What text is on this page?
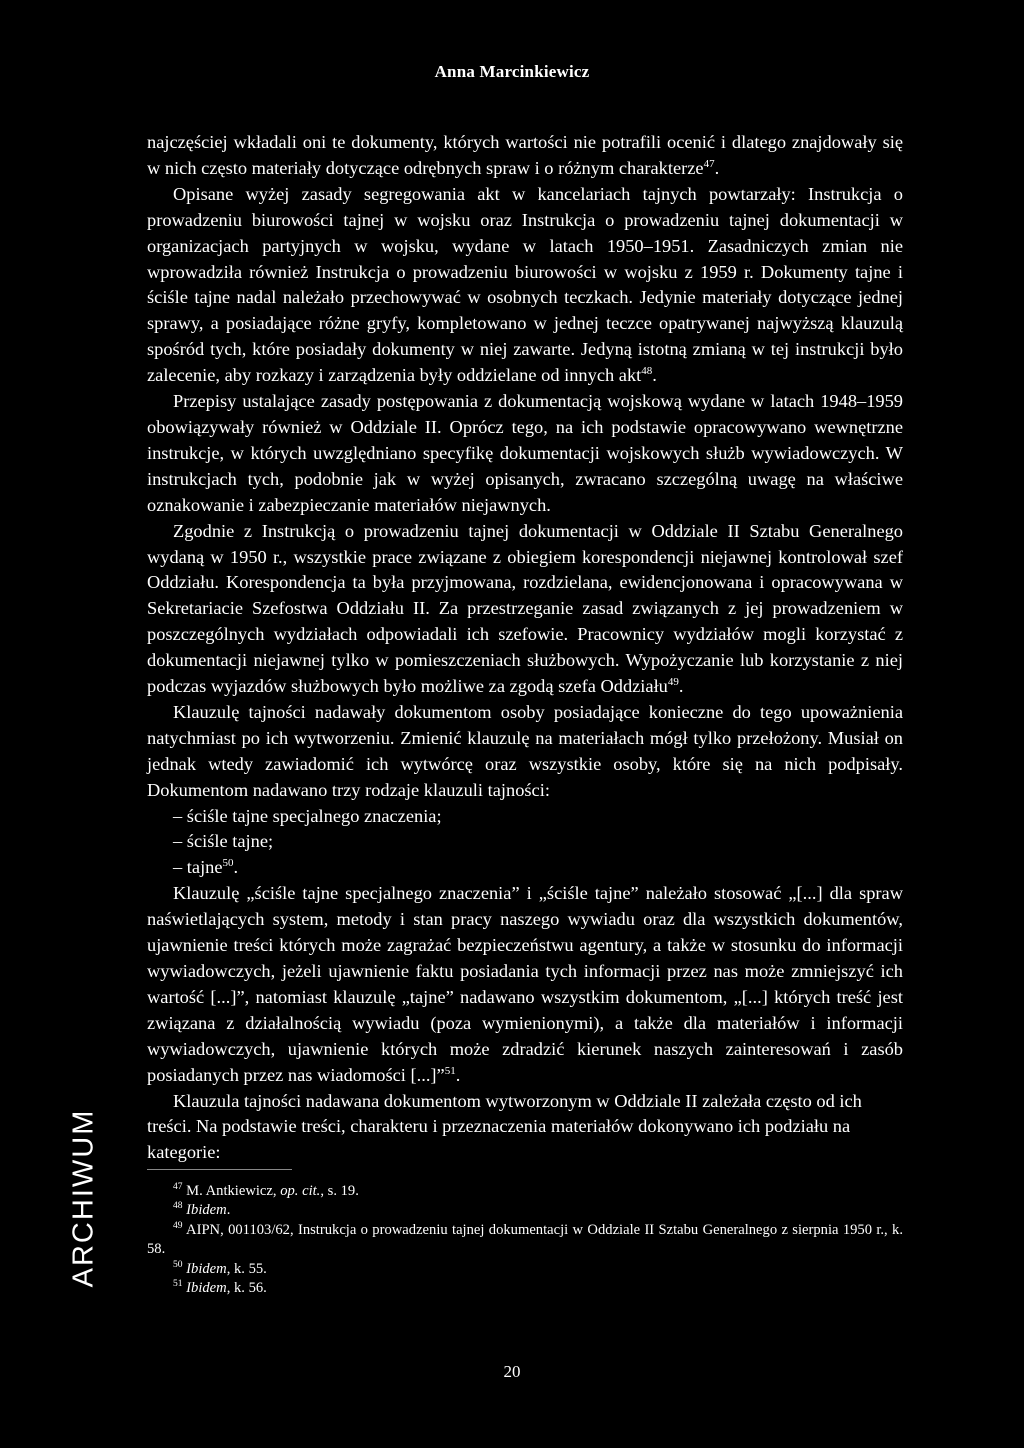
Anna Marcinkiewicz

najczęściej wkładali oni te dokumenty, których wartości nie potrafili ocenić i dlatego znajdowały się w nich często materiały dotyczące odrębnych spraw i o różnym charakterze$^{47}$.

Opisane wyżej zasady segregowania akt w kancelariach tajnych powtarzały: Instrukcja o prowadzeniu biurowości tajnej w wojsku oraz Instrukcja o prowadzeniu tajnej dokumentacji w organizacjach partyjnych w wojsku, wydane w latach 1950–1951. Zasadniczych zmian nie wprowadziła również Instrukcja o prowadzeniu biurowości w wojsku z 1959 r. Dokumenty tajne i ściśle tajne nadal należało przechowywać w osobnych teczkach. Jedynie materiały dotyczące jednej sprawy, a posiadające różne gryfy, kompletowano w jednej teczce opatrywanej najwyższą klauzulą spośród tych, które posiadały dokumenty w niej zawarte. Jedyną istotną zmianą w tej instrukcji było zalecenie, aby rozkazy i zarządzenia były oddzielane od innych akt$^{48}$.

Przepisy ustalające zasady postępowania z dokumentacją wojskową wydane w latach 1948–1959 obowiązywały również w Oddziale II. Oprócz tego, na ich podstawie opracowywano wewnętrzne instrukcje, w których uwzględniano specyfikę dokumentacji wojskowych służb wywiadowczych. W instrukcjach tych, podobnie jak w wyżej opisanych, zwracano szczególną uwagę na właściwe oznakowanie i zabezpieczanie materiałów niejawnych.

Zgodnie z Instrukcją o prowadzeniu tajnej dokumentacji w Oddziale II Sztabu Generalnego wydaną w 1950 r., wszystkie prace związane z obiegiem korespondencji niejawnej kontrolował szef Oddziału. Korespondencja ta była przyjmowana, rozdzielana, ewidencjonowana i opracowywana w Sekretariacie Szefostwa Oddziału II. Za przestrzeganie zasad związanych z jej prowadzeniem w poszczególnych wydziałach odpowiadali ich szefowie. Pracownicy wydziałów mogli korzystać z dokumentacji niejawnej tylko w pomieszczeniach służbowych. Wypożyczanie lub korzystanie z niej podczas wyjazdów służbowych było możliwe za zgodą szefa Oddziału$^{49}$.

Klauzulę tajności nadawały dokumentom osoby posiadające konieczne do tego upoważnienia natychmiast po ich wytworzeniu. Zmienić klauzulę na materiałach mógł tylko przełożony. Musiał on jednak wtedy zawiadomić ich wytwórcę oraz wszystkie osoby, które się na nich podpisały. Dokumentom nadawano trzy rodzaje klauzuli tajności:

– ściśle tajne specjalnego znaczenia;

– ściśle tajne;

– tajne$^{50}$.

Klauzulę „ściśle tajne specjalnego znaczenia” i „ściśle tajne” należało stosować „[...] dla spraw naświetlających system, metody i stan pracy naszego wywiadu oraz dla wszystkich dokumentów, ujawnienie treści których może zagrażać bezpieczeństwu agentury, a także w stosunku do informacji wywiadowczych, jeżeli ujawnienie faktu posiadania tych informacji przez nas może zmniejszyć ich wartość [...]”, natomiast klauzulę „tajne” nadawano wszystkim dokumentom, „[...] których treść jest związana z działalnością wywiadu (poza wymienionymi), a także dla materiałów i informacji wywiadowczych, ujawnienie których może zdradzić kierunek naszych zainteresowań i zasób posiadanych przez nas wiadomości [...]”$^{51}$.

Klauzula tajności nadawana dokumentom wytworzonym w Oddziale II zależała często od ich treści. Na podstawie treści, charakteru i przeznaczenia materiałów dokonywano ich podziału na kategorie:

$^{47}$ M. Antkiewicz, op. cit., s. 19.

$^{48}$ Ibidem.

$^{49}$ AIPN, 001103/62, Instrukcja o prowadzeniu tajnej dokumentacji w Oddziale II Sztabu Generalnego z sierpnia 1950 r., k. 58.

$^{50}$ Ibidem, k. 55.

$^{51}$ Ibidem, k. 56.

ARCHIWUM
20
